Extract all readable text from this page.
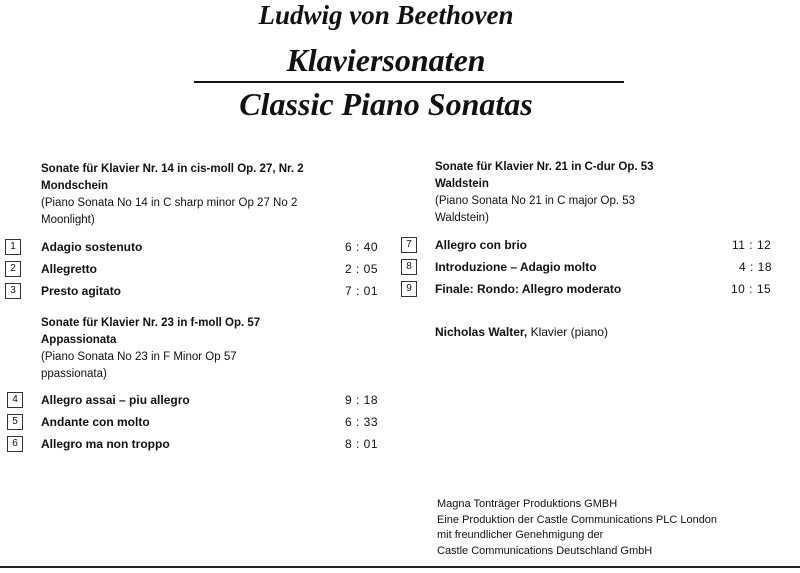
Ludwig von Beethoven
Klaviersonaten
Classic Piano Sonatas
Sonate für Klavier Nr. 14 in cis-moll Op. 27, Nr. 2
Mondschein
(Piano Sonata No 14 in C sharp minor Op 27 No 2
Moonlight)
1	Adagio sostenuto	6 : 40
2	Allegretto	2 : 05
3	Presto agitato	7 : 01
Sonate für Klavier Nr. 23 in f-moll Op. 57
Appassionata
(Piano Sonata No 23 in F Minor Op 57
ppassionata)
4	Allegro assai – piu allegro	9 : 18
5	Andante con molto	6 : 33
6	Allegro ma non troppo	8 : 01
Sonate für Klavier Nr. 21 in C-dur Op. 53
Waldstein
(Piano Sonata No 21 in C major Op. 53
Waldstein)
7	Allegro con brio	11 : 12
8	Introduzione – Adagio molto	4 : 18
9	Finale: Rondo: Allegro moderato	10 : 15
Nicholas Walter, Klavier (piano)
Magna Tonträger Produktions GMBH
Eine Produktion der Castle Communications PLC London
mit freundlicher Genehmigung der
Castle Communications Deutschland GmbH
